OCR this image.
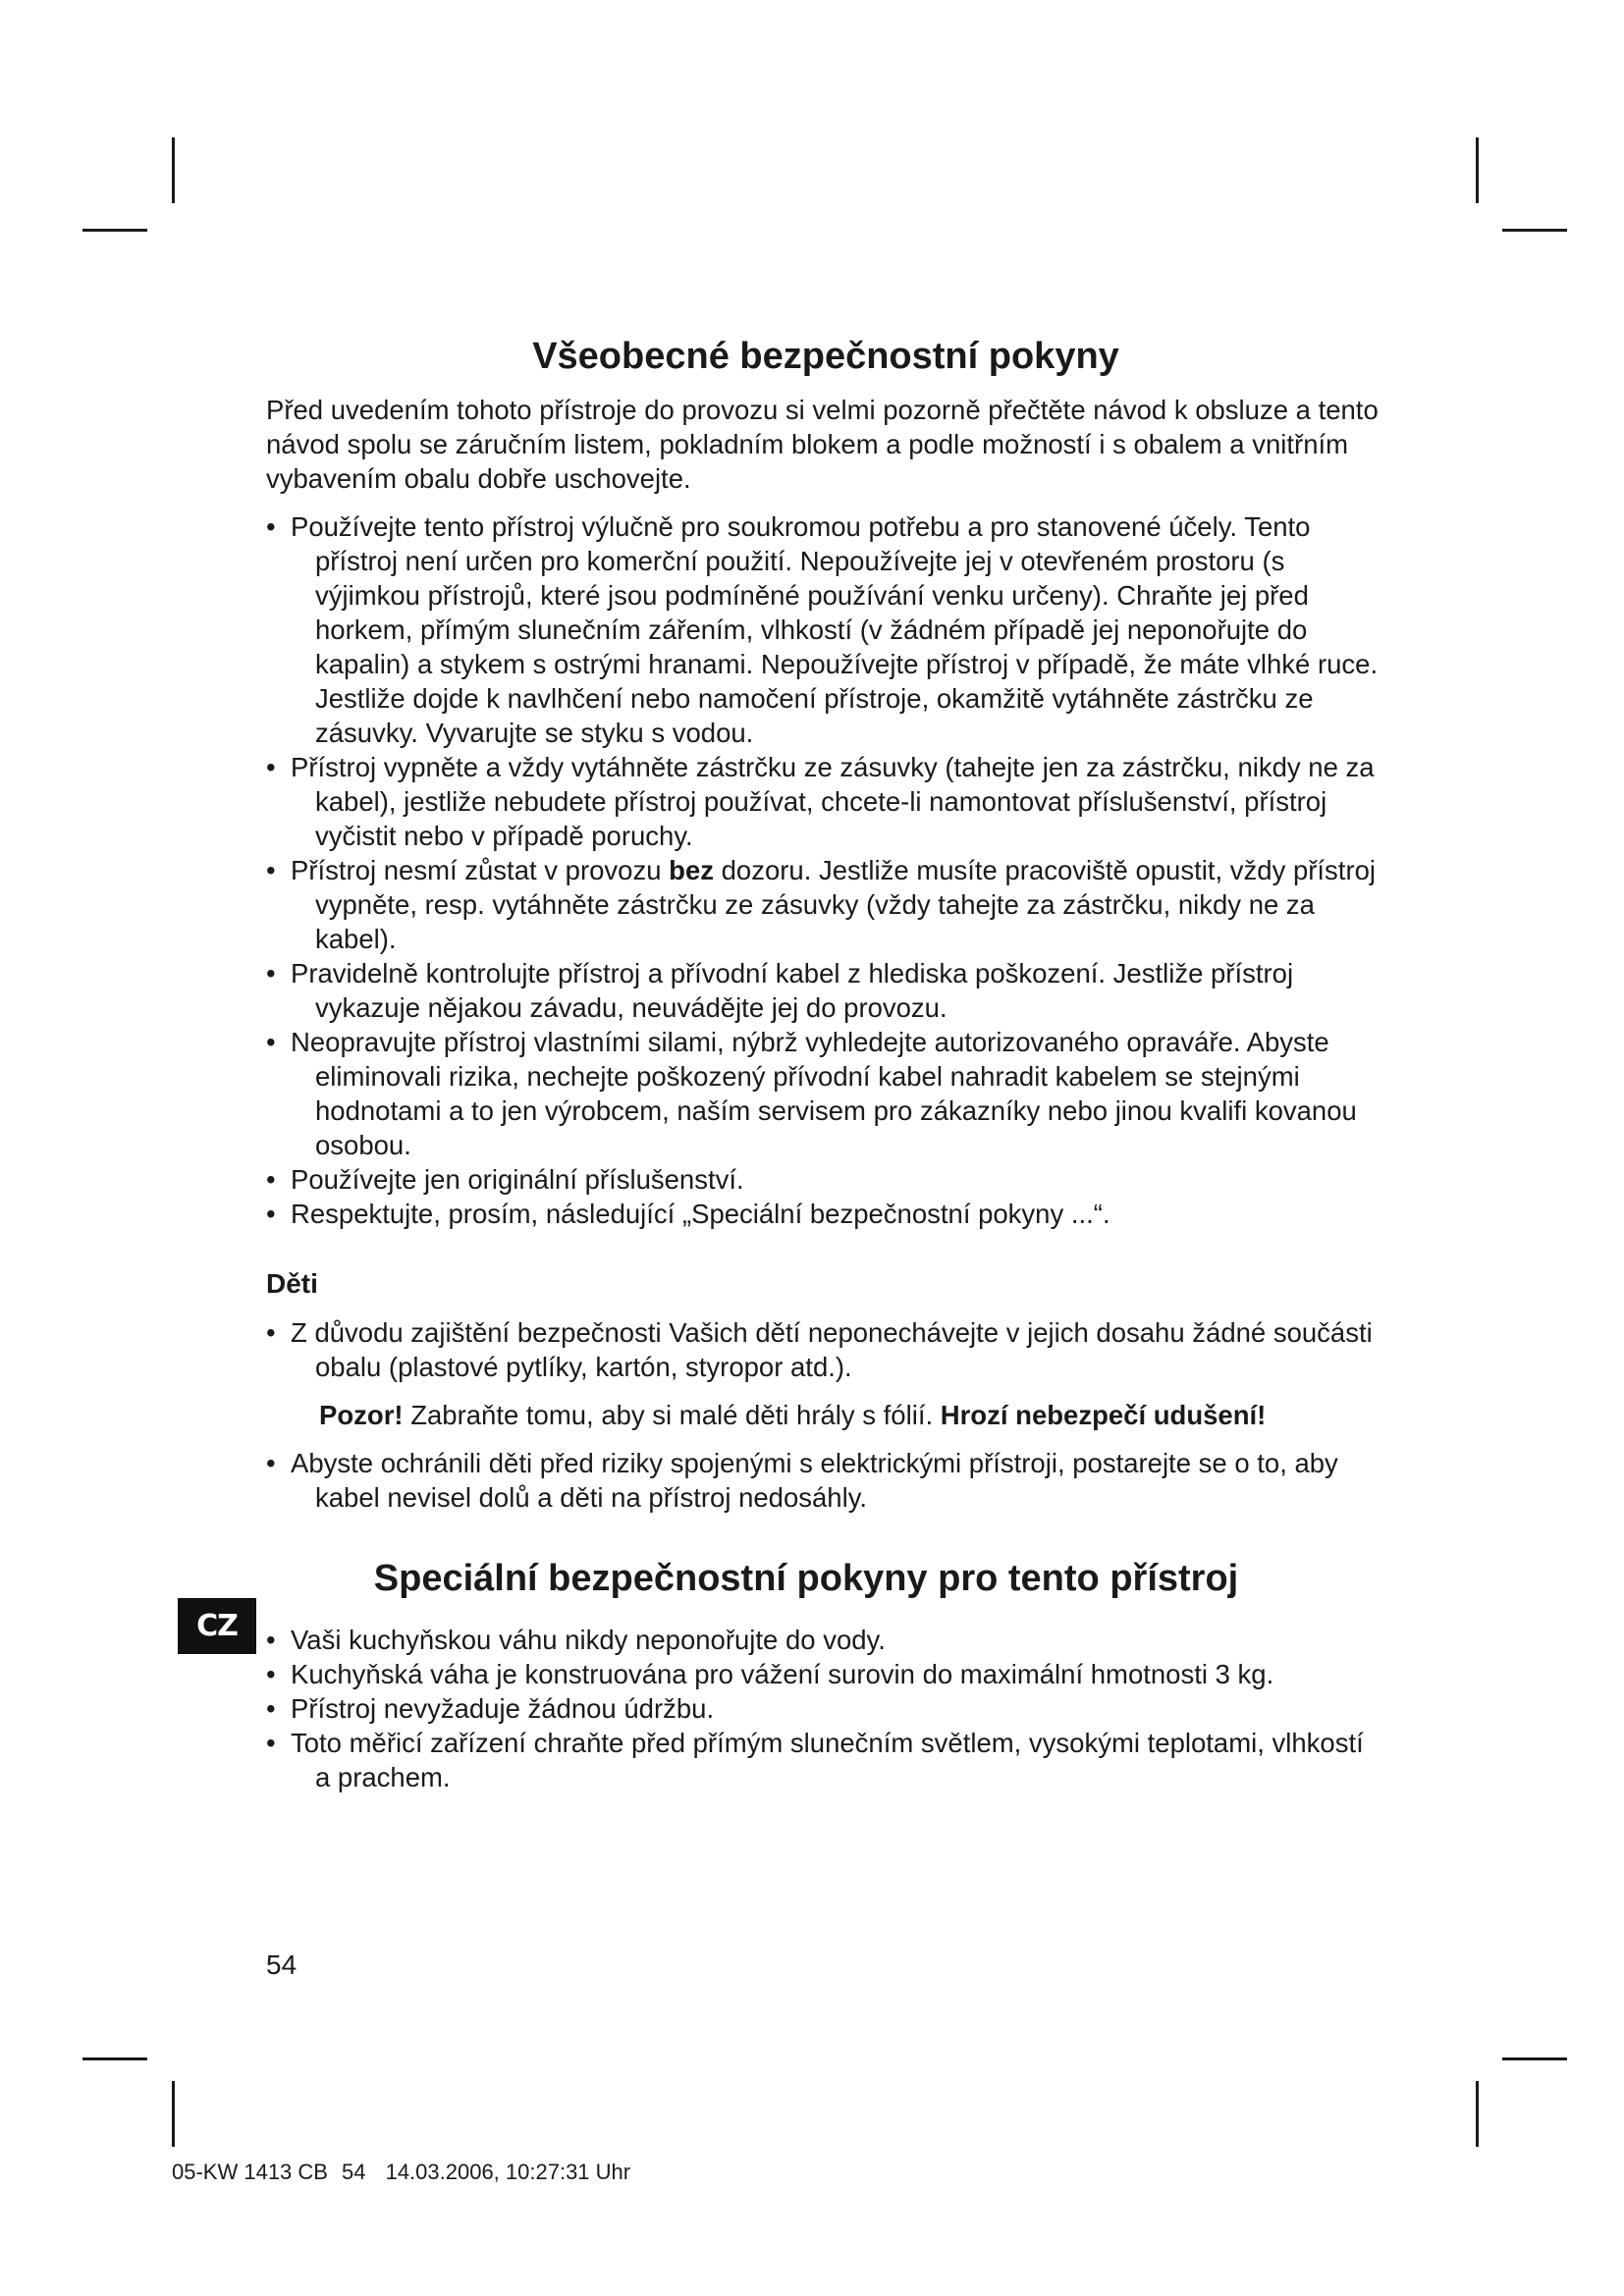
Všeobecné bezpečnostní pokyny

Před uvedením tohoto přístroje do provozu si velmi pozorně přečtěte návod k obsluze a tento návod spolu se záručním listem, pokladním blokem a podle možností i s obalem a vnitřním vybavením obalu dobře uschovejte.

• Používejte tento přístroj výlučně pro soukromou potřebu a pro stanovené účely. Tento přístroj není určen pro komerční použití. Nepoužívejte jej v otevřeném prostoru (s výjimkou přístrojů, které jsou podmíněné používání venku určeny). Chraňte jej před horkem, přímým slunečním zářením, vlhkostí (v žádném případě jej neponořujte do kapalin) a stykem s ostrými hranami. Nepoužívejte přístroj v případě, že máte vlhké ruce. Jestliže dojde k navlhčení nebo namočení přístroje, okamžitě vytáhněte zástrčku ze zásuvky. Vyvarujte se styku s vodou.
• Přístroj vypněte a vždy vytáhněte zástrčku ze zásuvky (tahejte jen za zástrčku, nikdy ne za kabel), jestliže nebudete přístroj používat, chcete-li namontovat příslušenství, přístroj vyčistit nebo v případě poruchy.
• Přístroj nesmí zůstat v provozu bez dozoru. Jestliže musíte pracoviště opustit, vždy přístroj vypněte, resp. vytáhněte zástrčku ze zásuvky (vždy tahejte za zástrčku, nikdy ne za kabel).
• Pravidelně kontrolujte přístroj a přívodní kabel z hlediska poškození. Jestliže přístroj vykazuje nějakou závadu, neuvádějte jej do provozu.
• Neopravujte přístroj vlastními silami, nýbrž vyhledejte autorizovaného opraváře. Abyste eliminovali rizika, nechejte poškozený přívodní kabel nahradit kabelem se stejnými hodnotami a to jen výrobcem, naším servisem pro zákazníky nebo jinou kvalifi kovanou osobou.
• Používejte jen originální příslušenství.
• Respektujte, prosím, následující „Speciální bezpečnostní pokyny ...“.
Děti
• Z důvodu zajištění bezpečnosti Vašich dětí neponechávejte v jejich dosahu žádné součásti obalu (plastové pytlíky, kartón, styropor atd.).

Pozor! Zabraňte tomu, aby si malé děti hrály s fólií. Hrozí nebezpečí udušení!

• Abyste ochránili děti před riziky spojenými s elektrickými přístroji, postarejte se o to, aby kabel nevisel dolů a děti na přístroj nedosáhly.
Speciální bezpečnostní pokyny pro tento přístroj
• Vaši kuchyňskou váhu nikdy neponořujte do vody.
• Kuchyňská váha je konstruována pro vážení surovin do maximální hmotnosti 3 kg.
• Přístroj nevyžaduje žádnou údržbu.
• Toto měřicí zařízení chraňte před přímým slunečním světlem, vysokými teplotami, vlhkostí a prachem.
CZ
54
05-KW 1413 CB 54 14.03.2006, 10:27:31 Uhr
